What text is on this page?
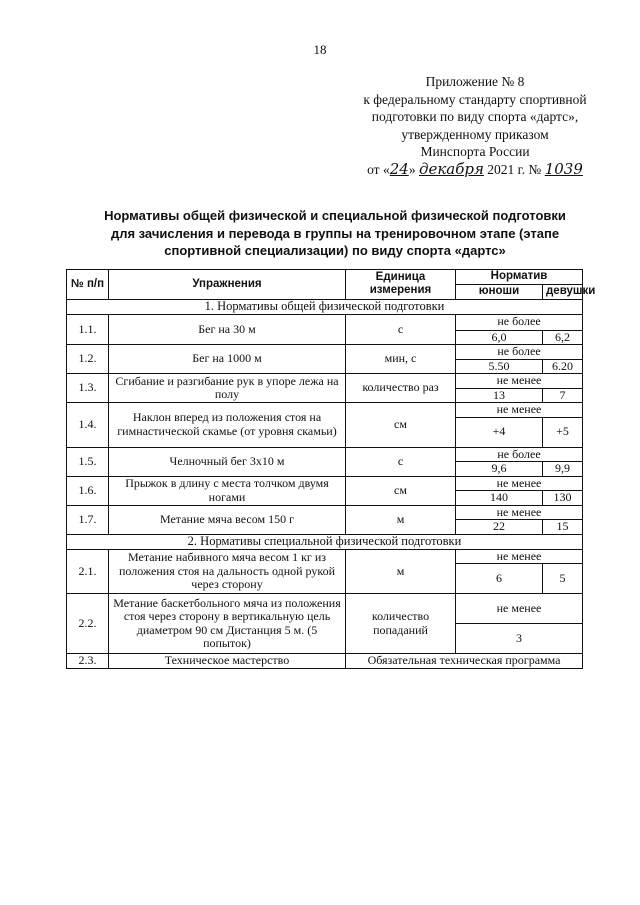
18
Приложение № 8
к федеральному стандарту спортивной
подготовки по виду спорта «дартс»,
утвержденному приказом
Минспорта России
от «24» декабря 2021 г. № 1039
Нормативы общей физической и специальной физической подготовки
для зачисления и перевода в группы на тренировочном этапе (этапе
спортивной специализации) по виду спорта «дартс»
№ п/п	Упражнения	Единица измерения	Норматив	
			юноши	девушки
1. Нормативы общей физической подготовки				
1.1.	Бег на 30 м	с	не более	
			6,0	6,2
1.2.	Бег на 1000 м	мин, с	не более	
			5.50	6.20
1.3.	Сгибание и разгибание рук в упоре лежа на полу	количество раз	не менее	
			13	7
1.4.	Наклон вперед из положения стоя на гимнастической скамье (от уровня скамьи)	см	не менее	
			+4	+5
1.5.	Челночный бег 3х10 м	с	не более	
			9,6	9,9
1.6.	Прыжок в длину с места толчком двумя ногами	см	не менее	
			140	130
1.7.	Метание мяча весом 150 г	м	не менее	
			22	15
2. Нормативы специальной физической подготовки				
2.1.	Метание набивного мяча весом 1 кг из положения стоя на дальность одной рукой через сторону	м	не менее	
			6	5
2.2.	Метание баскетбольного мяча из положения стоя через сторону в вертикальную цель диаметром 90 см Дистанция 5 м. (5 попыток)	количество попаданий	не менее	
			3	
2.3.	Техническое мастерство	Обязательная техническая программа		
